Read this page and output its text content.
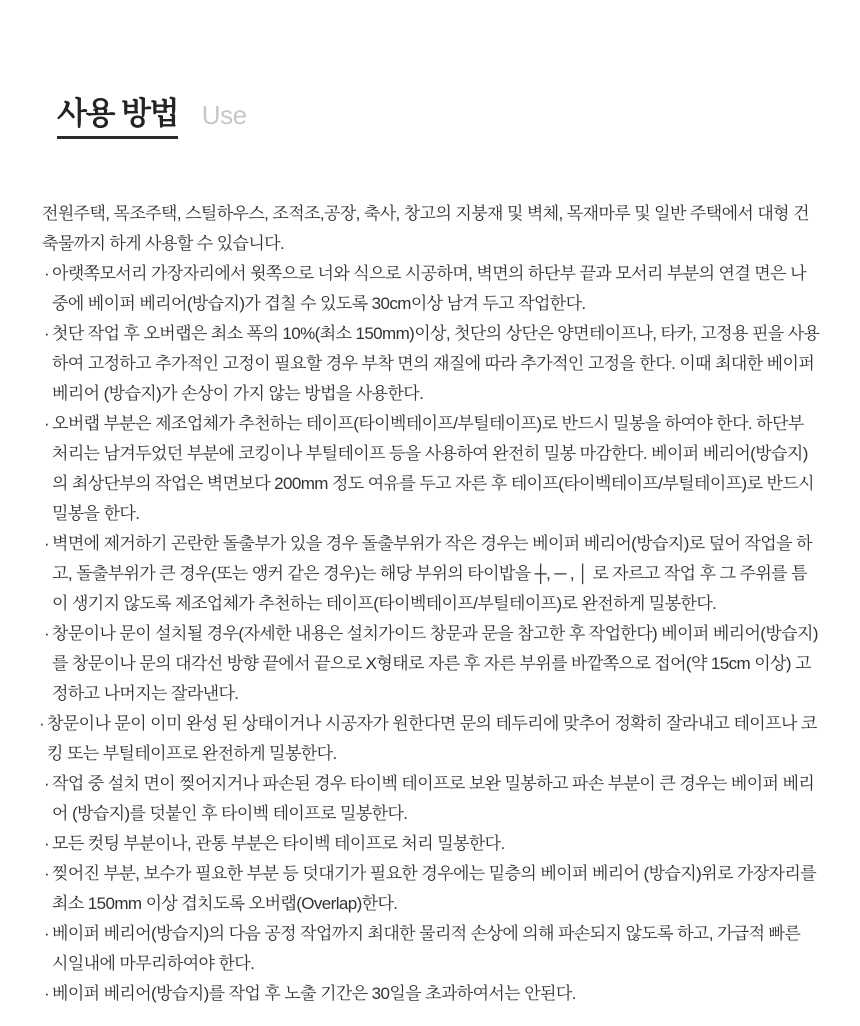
사용 방법 Use

전원주택, 목조주택, 스틸하우스, 조적조,공장, 축사, 창고의 지붕재 및 벽체, 목재마루 및 일반 주택에서 대형 건축물까지 하게 사용할 수 있습니다.

· 아랫쪽모서리 가장자리에서 윗쪽으로 너와 식으로 시공하며, 벽면의 하단부 끝과 모서리 부분의 연결 면은 나중에 베이퍼 베리어(방습지)가 겹칠 수 있도록 30cm이상 남겨 두고 작업한다.
· 첫단 작업 후 오버랩은 최소 폭의 10%(최소 150mm)이상, 첫단의 상단은 양면테이프나, 타카, 고정용 핀을 사용 하여 고정하고 추가적인 고정이 필요할 경우 부착 면의 재질에 따라 추가적인 고정을 한다. 이때 최대한 베이퍼 베리어 (방습지)가 손상이 가지 않는 방법을 사용한다.
· 오버랩 부분은 제조업체가 추천하는 테이프(타이벡테이프/부틸테이프)로 반드시 밀봉을 하여야 한다. 하단부 처리는 남겨두었던 부분에 코킹이나 부틸테이프 등을 사용하여 완전히 밀봉 마감한다. 베이퍼 베리어(방습지)의 최상단부의 작업은 벽면보다 200mm 정도 여유를 두고 자른 후 테이프(타이벡테이프/부틸테이프)로 반드시 밀봉을 한다.
· 벽면에 제거하기 곤란한 돌출부가 있을 경우 돌출부위가 작은 경우는 베이퍼 베리어(방습지)로 덮어 작업을 하고, 돌출부위가 큰 경우(또는 앵커 같은 경우)는 해당 부위의 타이밥을 ┼, ─ , │ 로 자르고 작업 후 그 주위를 틈이 생기지 않도록 제조업체가 추천하는 테이프(타이벡테이프/부틸테이프)로 완전하게 밀봉한다.
· 창문이나 문이 설치될 경우(자세한 내용은 설치가이드 창문과 문을 참고한 후 작업한다) 베이퍼 베리어(방습지)를 창문이나 문의 대각선 방향 끝에서 끝으로 X형태로 자른 후 자른 부위를 바깥쪽으로 접어(약 15cm 이상) 고정하고 나머지는 잘라낸다.
· 창문이나 문이 이미 완성 된 상태이거나 시공자가 원한다면 문의 테두리에 맞추어 정확히 잘라내고 테이프나 코킹 또는 부틸테이프로 완전하게 밀봉한다.
· 작업 중 설치 면이 찢어지거나 파손된 경우 타이벡 테이프로 보완 밀봉하고 파손 부분이 큰 경우는 베이퍼 베리어 (방습지)를 덧붙인 후 타이벡 테이프로 밀봉한다.
· 모든 컷팅 부분이나, 관통 부분은 타이벡 테이프로 처리 밀봉한다.
· 찢어진 부분, 보수가 필요한 부분 등 덧대기가 필요한 경우에는 밑층의 베이퍼 베리어 (방습지)위로 가장자리를 최소 150mm 이상 겹치도록 오버랩(Overlap)한다.
· 베이퍼 베리어(방습지)의 다음 공정 작업까지 최대한 물리적 손상에 의해 파손되지 않도록 하고, 가급적 빠른 시일내에 마무리하여야 한다.
· 베이퍼 베리어(방습지)를 작업 후 노출 기간은 30일을 초과하여서는 안된다.
